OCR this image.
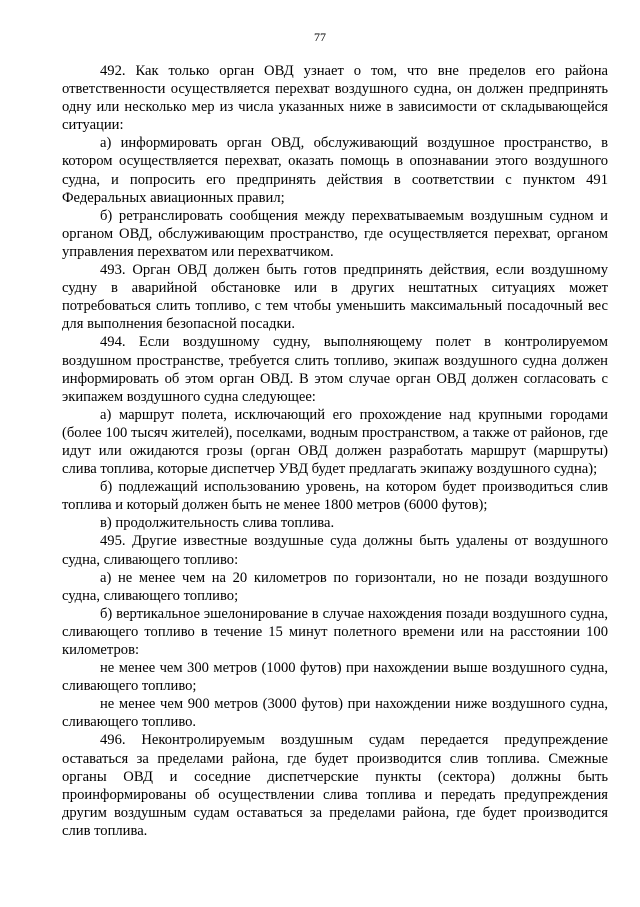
77

492. Как только орган ОВД узнает о том, что вне пределов его района ответственности осуществляется перехват воздушного судна, он должен предпринять одну или несколько мер из числа указанных ниже в зависимости от складывающейся ситуации:

а) информировать орган ОВД, обслуживающий воздушное пространство, в котором осуществляется перехват, оказать помощь в опознавании этого воздушного судна, и попросить его предпринять действия в соответствии с пунктом 491 Федеральных авиационных правил;

б) ретранслировать сообщения между перехватываемым воздушным судном и органом ОВД, обслуживающим пространство, где осуществляется перехват, органом управления перехватом или перехватчиком.

493. Орган ОВД должен быть готов предпринять действия, если воздушному судну в аварийной обстановке или в других нештатных ситуациях может потребоваться слить топливо, с тем чтобы уменьшить максимальный посадочный вес для выполнения безопасной посадки.

494. Если воздушному судну, выполняющему полет в контролируемом воздушном пространстве, требуется слить топливо, экипаж воздушного судна должен информировать об этом орган ОВД. В этом случае орган ОВД должен согласовать с экипажем воздушного судна следующее:

а) маршрут полета, исключающий его прохождение над крупными городами (более 100 тысяч жителей), поселками, водным пространством, а также от районов, где идут или ожидаются грозы (орган ОВД должен разработать маршрут (маршруты) слива топлива, которые диспетчер УВД будет предлагать экипажу воздушного судна);

б) подлежащий использованию уровень, на котором будет производиться слив топлива и который должен быть не менее 1800 метров (6000 футов);

в) продолжительность слива топлива.

495. Другие известные воздушные суда должны быть удалены от воздушного судна, сливающего топливо:

а) не менее чем на 20 километров по горизонтали, но не позади воздушного судна, сливающего топливо;

б) вертикальное эшелонирование в случае нахождения позади воздушного судна, сливающего топливо в течение 15 минут полетного времени или на расстоянии 100 километров:

не менее чем 300 метров (1000 футов) при нахождении выше воздушного судна, сливающего топливо;

не менее чем 900 метров (3000 футов) при нахождении ниже воздушного судна, сливающего топливо.

496. Неконтролируемым воздушным судам передается предупреждение оставаться за пределами района, где будет производится слив топлива. Смежные органы ОВД и соседние диспетчерские пункты (сектора) должны быть проинформированы об осуществлении слива топлива и передать предупреждения другим воздушным судам оставаться за пределами района, где будет производится слив топлива.
